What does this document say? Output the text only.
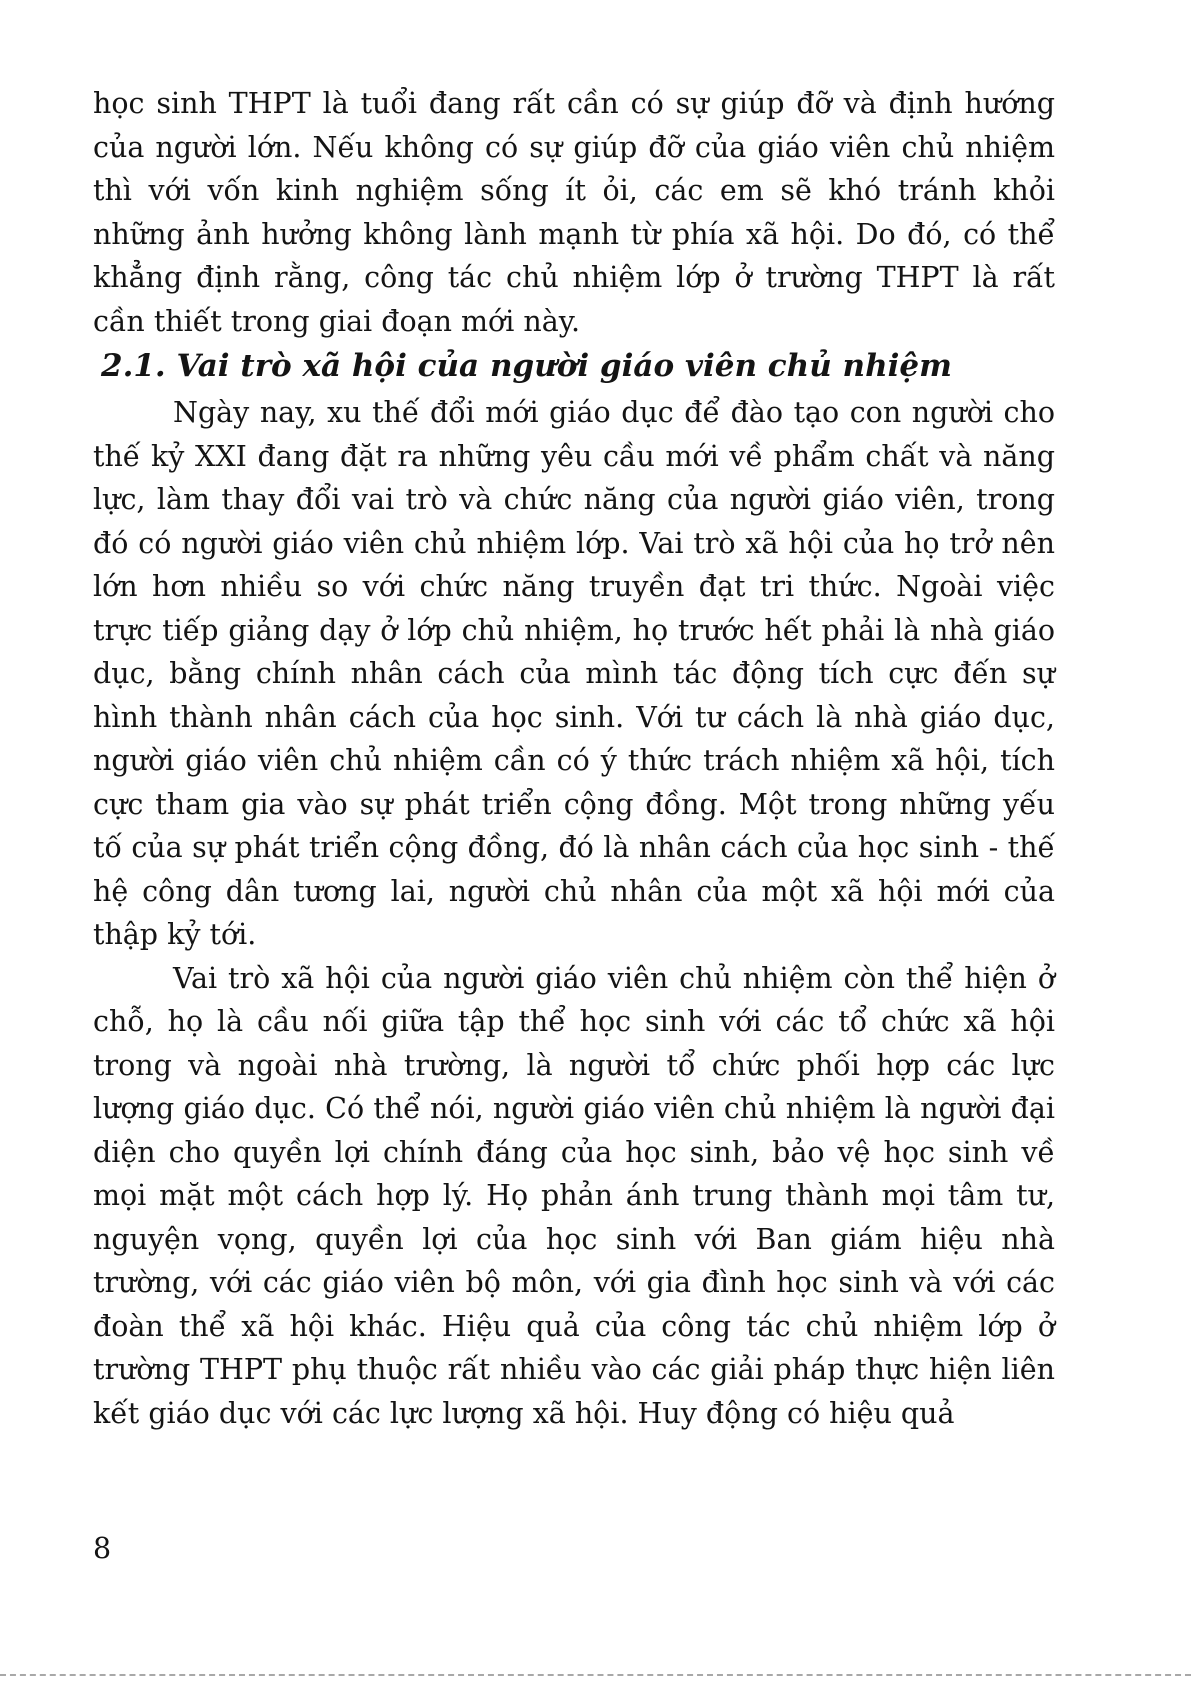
học sinh THPT là tuổi đang rất cần có sự giúp đỡ và định hướng của người lớn. Nếu không có sự giúp đỡ của giáo viên chủ nhiệm thì với vốn kinh nghiệm sống ít ỏi, các em sẽ khó tránh khỏi những ảnh hưởng không lành mạnh từ phía xã hội. Do đó, có thể khẳng định rằng, công tác chủ nhiệm lớp ở trường THPT là rất cần thiết trong giai đoạn mới này.

2.1. Vai trò xã hội của người giáo viên chủ nhiệm

Ngày nay, xu thế đổi mới giáo dục để đào tạo con người cho thế kỷ XXI đang đặt ra những yêu cầu mới về phẩm chất và năng lực, làm thay đổi vai trò và chức năng của người giáo viên, trong đó có người giáo viên chủ nhiệm lớp. Vai trò xã hội của họ trở nên lớn hơn nhiều so với chức năng truyền đạt tri thức. Ngoài việc trực tiếp giảng dạy ở lớp chủ nhiệm, họ trước hết phải là nhà giáo dục, bằng chính nhân cách của mình tác động tích cực đến sự hình thành nhân cách của học sinh. Với tư cách là nhà giáo dục, người giáo viên chủ nhiệm cần có ý thức trách nhiệm xã hội, tích cực tham gia vào sự phát triển cộng đồng. Một trong những yếu tố của sự phát triển cộng đồng, đó là nhân cách của học sinh - thế hệ công dân tương lai, người chủ nhân của một xã hội mới của thập kỷ tới.

Vai trò xã hội của người giáo viên chủ nhiệm còn thể hiện ở chỗ, họ là cầu nối giữa tập thể học sinh với các tổ chức xã hội trong và ngoài nhà trường, là người tổ chức phối hợp các lực lượng giáo dục. Có thể nói, người giáo viên chủ nhiệm là người đại diện cho quyền lợi chính đáng của học sinh, bảo vệ học sinh về mọi mặt một cách hợp lý. Họ phản ánh trung thành mọi tâm tư, nguyện vọng, quyền lợi của học sinh với Ban giám hiệu nhà trường, với các giáo viên bộ môn, với gia đình học sinh và với các đoàn thể xã hội khác. Hiệu quả của công tác chủ nhiệm lớp ở trường THPT phụ thuộc rất nhiều vào các giải pháp thực hiện liên kết giáo dục với các lực lượng xã hội. Huy động có hiệu quả

8
